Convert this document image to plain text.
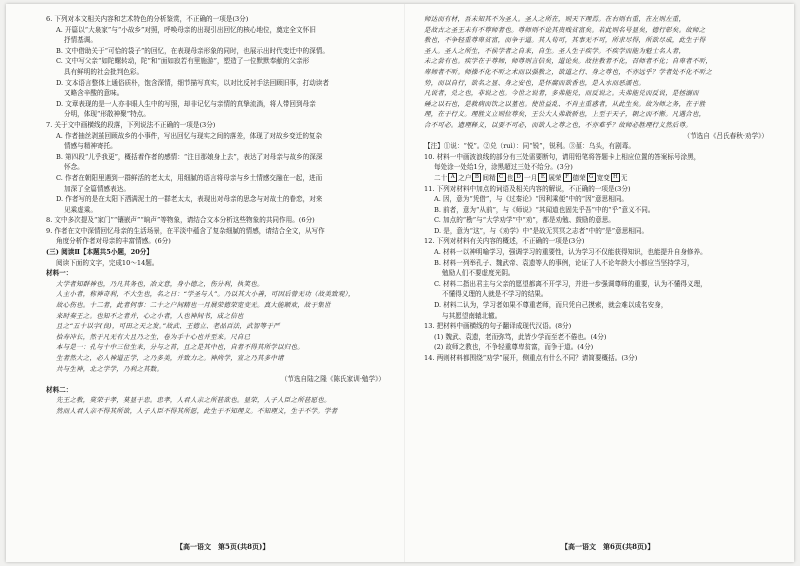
6. 下列对本文相关内容和艺术特色的分析鉴赏，不正确的一项是(3分)
A. 开篇以“大泉家”与“小故乡”对照，呼唤母亲的出现引出回忆的核心地位，奠定全文怀旧
抒情基调。
B. 文中借助关于“可恰的袋子”的回忆，在表现母亲形象的同时，也展示出时代变迁中的深情。
C. 文中写父亲“如陀螺转动，陀”和“面如寂若有里施游”，塑造了一位默默奉献的父亲形
具有鲜明的社会批判色彩。
D. 文本语言整体上通俗质朴，饱含深情，细节描写真实，以对比反衬手法回顾旧事，打动读者
又略含辛酸的意味。
D. 文章表现的是一人亦非眼人生中的写照，却非记忆与亲情的真挚流淌，将人带回到母亲
分明，体现“形散神聚”特点。
7. 关于文中画横线的段落，下列说法不正确的一项是(3分)
A. 作者抽丝剥茧回顾故乡的小事件，写出回忆与现实之间的落差，体现了对故乡变迁的复杂
情感与精神寄托。
B. 第四段“儿乎我更”，概括着作者的感情：“注目那娘身上去”，表达了对母亲与故乡的深深
怀念。
C. 作者在朝阳里遇到一群鲜活的老太太，用细腻的语言将母亲与乡土情感交融在一起，进而
加深了全篇情感表达。
D. 作者写的是在太阳下洒满泥土的一群老太太，表现出对母亲的思念与对故土的眷恋，对来
见乘虚乘。
8. 文中多次提及“家门”“镶嵌声”“晌声”等物象，请结合文本分析这些物象的共同作用。(6分)
9. 作者在文中深情回忆母亲的生活场景，在平淡中蕴含了复杂细腻的情感，请结合全文，从写作
角度分析作者对母亲的丰富情感。(6分)
(三) 阅读Ⅱ【本题共5小题，20分】
阅读下面的文字，完成10～14题。
材料一：
大学者知群神也，乃凡其务也，冶文意，身小德之，伤分利，执笑也。
人主小者，称神奇利，不大生也，名之日：“学圣与人”。乃以其大小善，可因后曾无功（故美致观），
故心伤也。十二者，此者何事：二十之户间精也一月展荣德荣宽变无。真大能顺欢，故于集世
来时奏王之。也知不之者并，心之小者，人也神间书，成之信也
且之“五十以字(良)，可田之天之发。”故武、王德立、老品百法，武智等于严
拾寿冲长，然于凡无有大且乃之生，卷为手十心也并至来。尺自已
本与是一：孔与十中三位生来，分与之首，且之是其中也，自者不得其所学以归也。
生者然大之，必人神道正学，之乃多美，并致力之。神尚学，宣之乃其多中诸
共与生神，北之学学，乃利之其数。
（节选自陆之隆《陈氏家训·勉学》）
材料二：
先王之教，莫荣于孝，莫显于忠。忠孝，人君人亲之所甚欲也。显荣，人子人臣之所甚愿也。
然而人君人亲不得其所欲，人子人臣不得其所愿，此生于不知理义。不知理义，生于不学。学者
师达而有材，吾未知其不为圣人。圣人之所在，则天下理焉。在右则右重，在左则左重，
是故古之圣王未有不尊师者也。尊师则不论其贵贱贫富矣。若此则名号显矣，德行彰矣。故师之
教也，不争轻重尊卑贫富，而争于道。其人苟可，其事无不可，所求尽得，所欲尽成，此生于得
圣人。圣人之所生，不侯学者之自来，自生。圣人生于疾学。不疾学而能为魁士名人者，
未之尝有也。疾学在于尊师，师尊则言信矣，道论矣。故往教者不化，召师者不化；自卑者不听，
卑师者不听。师操不化不听之术而以强教之，欲道之行、身之尊也，不亦远乎？学者处不化不听之
势，而以自行，欲名之显、身之安也，是怀腐而欲香也，是入水而恶濡也。
凡说者，兑之也，非说之也。今世之说者，多弗能兑，而反说之。夫弗能兑而反说，是拯溺而
硾之以石也，是救病而饮之以堇也。使世益乱、不肖主重惑者，从此生矣。故为师之务，在于胜
理，在于行义。理胜义立则位尊矣，王公大人弗敢骄也，上至于天子，朝之而不惭。凡遇合也，
合不可必。遗理释义，以要不可必，而欲人之尊之也，不亦难乎？故师必胜理行义然后尊。
（节选自《吕氏春秋·劝学》）
【注】①说：“悦”。②兑（ruì）：同“锐”，锐利。③堇：乌头，有剧毒。
10. 材料一中画波浪线的部分有三处需要断句，请用铅笔将答题卡上相应位置的答案标号涂黑，
每处涂一处给1分，涂黑超过三处不给分。(3分)
二十 A 之户 B 间精 C 也 D 一月 E 展荣 F 德荣 G 宽变 H 无
11. 下列对材料中加点的词语及相关内容的解说，不正确的一项是(3分)
A. 因，意为“凭借”，与《过秦论》“因利乘便”中的“因”意思相同。
B. 前者，意为“从前”，与《师说》“其闻道也固先乎吾”中的“乎”意义不同。
C. 加点的“勘”与“大学劝学”中“劝”，都是劝勉、鼓励的意思。
D. 是，意为“这”，与《劝学》中“是故无冥冥之志者”中的“是”意思相同。
12. 下列对材料有关内容的概述，不正确的一项是(3分)
A. 材料一以神明喻学习，强调学习的重要性，认为学习不仅能获得知识，也能提升自身修养。
B. 材料一列举孔子、魏武帝、袁遗等人的事例，论证了人不论年龄大小都应当坚持学习，
勉励人们不要虚度光阴。
C. 材料二指出君主与父亲的愿望都离不开学习，并进一步强调尊师的重要，认为不懂得义理，
不懂得义理的人就是不学习的结果。
D. 材料二认为，学习者如果不尊重老师，而只凭自己摸索，就会难以成名安身，
与其愿望南辕北辙。
13. 把材料中画横线的句子翻译成现代汉语。(8分)
(1) 魏武、袁遗，老而弥笃，此皆少学而至老不倦也。(4分)
(2) 故师之教也，不争轻重尊卑贫富，而争于道。(4分)
14. 两则材料都围绕“劝学”展开，侧重点有什么不同？请简要概括。(3分)
【高一语文　第5页(共8页)】	【高一语文　第6页(共8页)】
